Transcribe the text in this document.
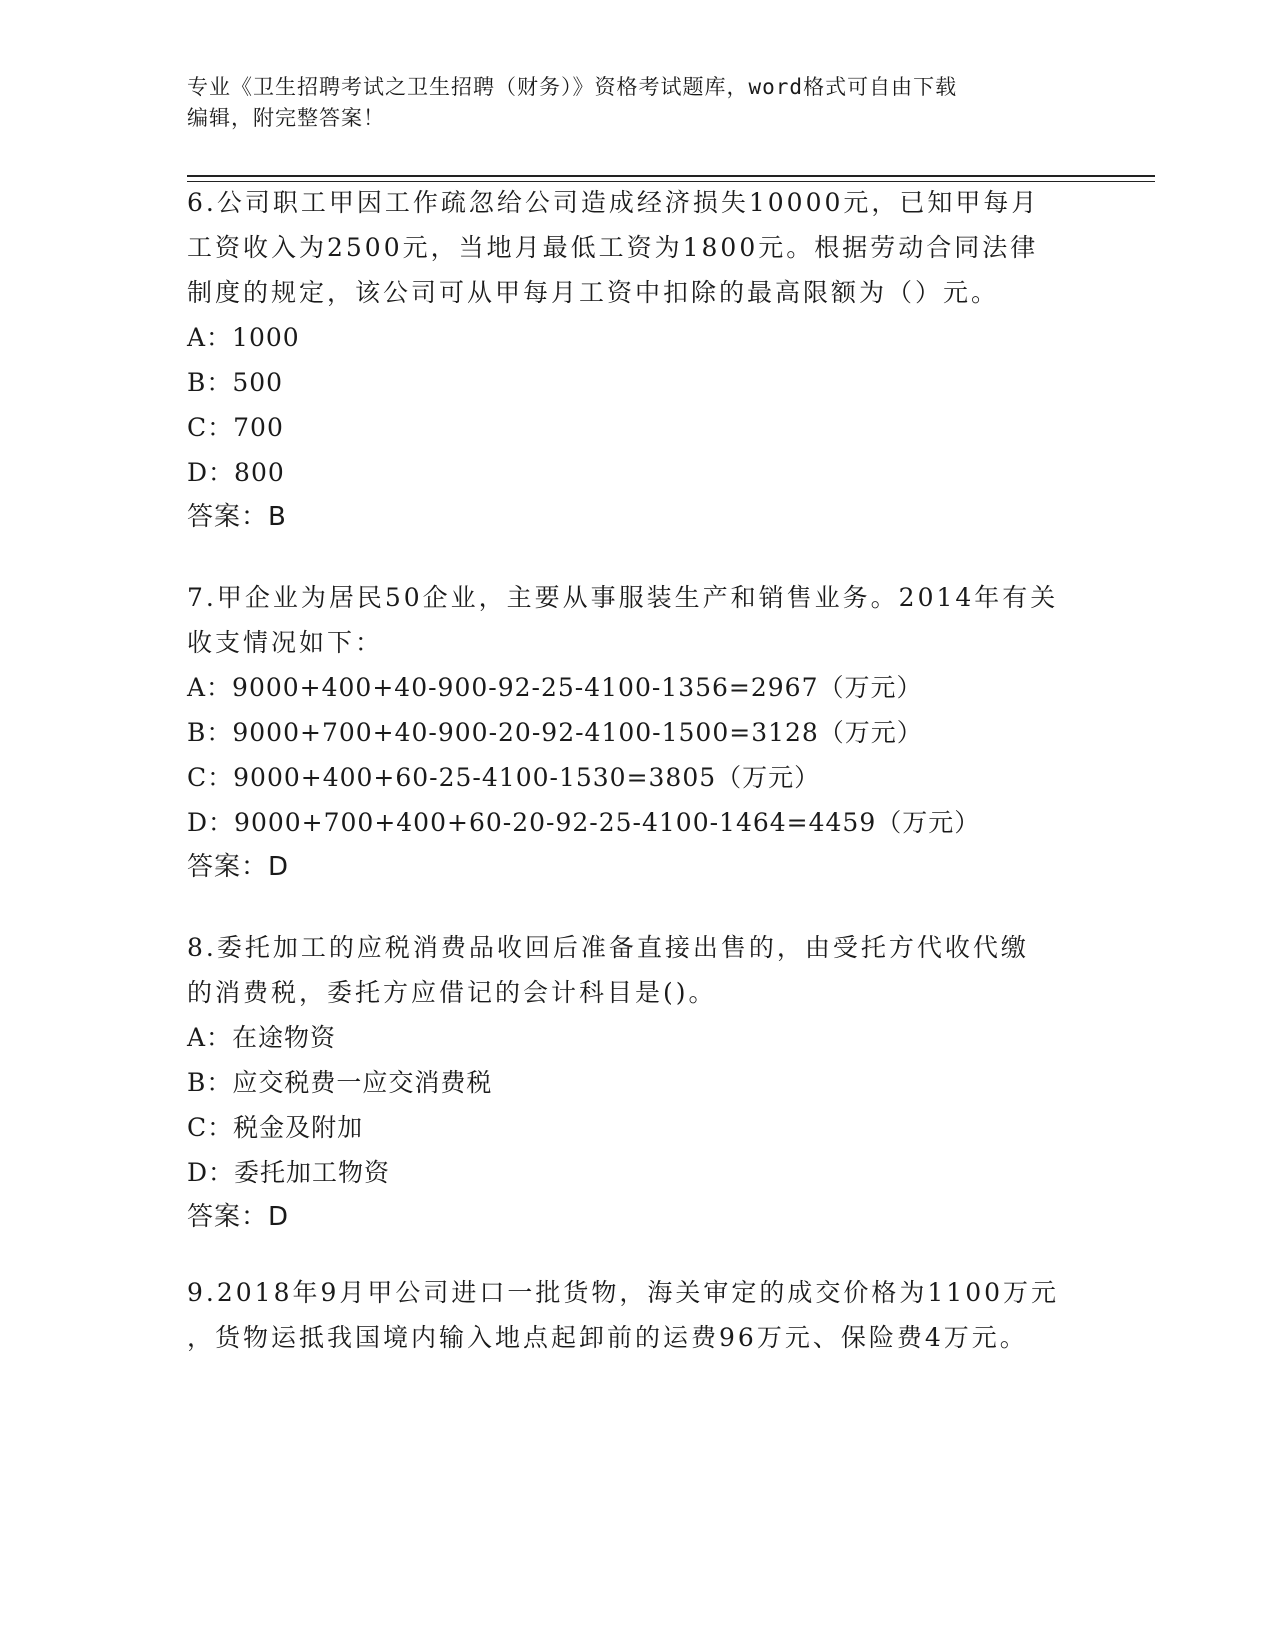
专业《卫生招聘考试之卫生招聘（财务）》资格考试题库，word格式可自由下载
编辑，附完整答案！
6.公司职工甲因工作疏忽给公司造成经济损失10000元，已知甲每月
工资收入为2500元，当地月最低工资为1800元。根据劳动合同法律
制度的规定，该公司可从甲每月工资中扣除的最高限额为（）元。
A：1000
B：500
C：700
D：800
答案：B
7.甲企业为居民50企业，主要从事服装生产和销售业务。2014年有关
收支情况如下：
A：9000+400+40-900-92-25-4100-1356=2967（万元）
B：9000+700+40-900-20-92-4100-1500=3128（万元）
C：9000+400+60-25-4100-1530=3805（万元）
D：9000+700+400+60-20-92-25-4100-1464=4459（万元）
答案：D
8.委托加工的应税消费品收回后准备直接出售的，由受托方代收代缴
的消费税，委托方应借记的会计科目是()。
A：在途物资
B：应交税费一应交消费税
C：税金及附加
D：委托加工物资
答案：D
9.2018年9月甲公司进口一批货物，海关审定的成交价格为1100万元
，货物运抵我国境内输入地点起卸前的运费96万元、保险费4万元。
